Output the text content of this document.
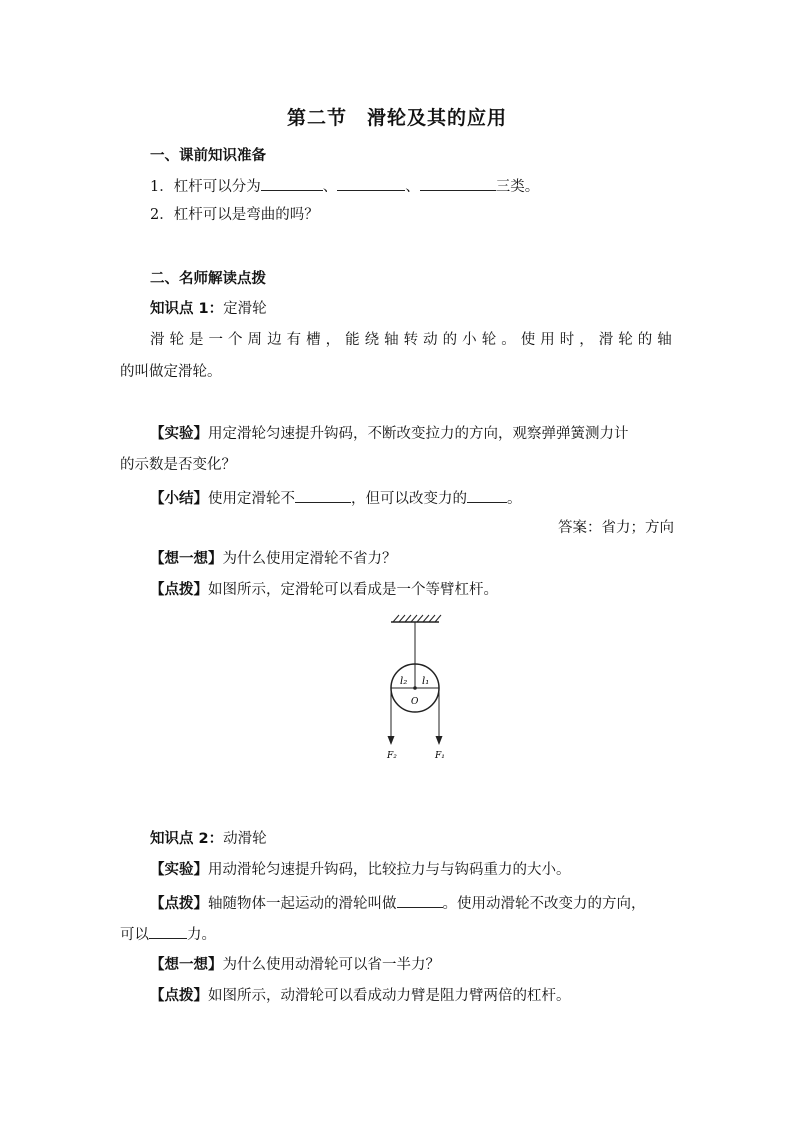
第二节　滑轮及其的应用
一、课前知识准备
1．杠杆可以分为	、	、	三类。
2．杠杆可以是弯曲的吗？
二、名师解读点拨
知识点 1：定滑轮
滑轮是一个周边有槽，能绕轴转动的小轮。使用时，滑轮的轴
的叫做定滑轮。
【实验】用定滑轮匀速提升钩码，不断改变拉力的方向，观察弹弹簧测力计
的示数是否变化？
【小结】使用定滑轮不	，但可以改变力的	。
答案：省力；方向
【想一想】为什么使用定滑轮不省力？
【点拨】如图所示，定滑轮可以看成是一个等臂杠杆。
l₂ l₁
O
F₂	F₁
知识点 2：动滑轮
【实验】用动滑轮匀速提升钩码，比较拉力与与钩码重力的大小。
【点拨】轴随物体一起运动的滑轮叫做	。使用动滑轮不改变力的方向，
可以	力。
【想一想】为什么使用动滑轮可以省一半力？
【点拨】如图所示，动滑轮可以看成动力臂是阻力臂两倍的杠杆。
